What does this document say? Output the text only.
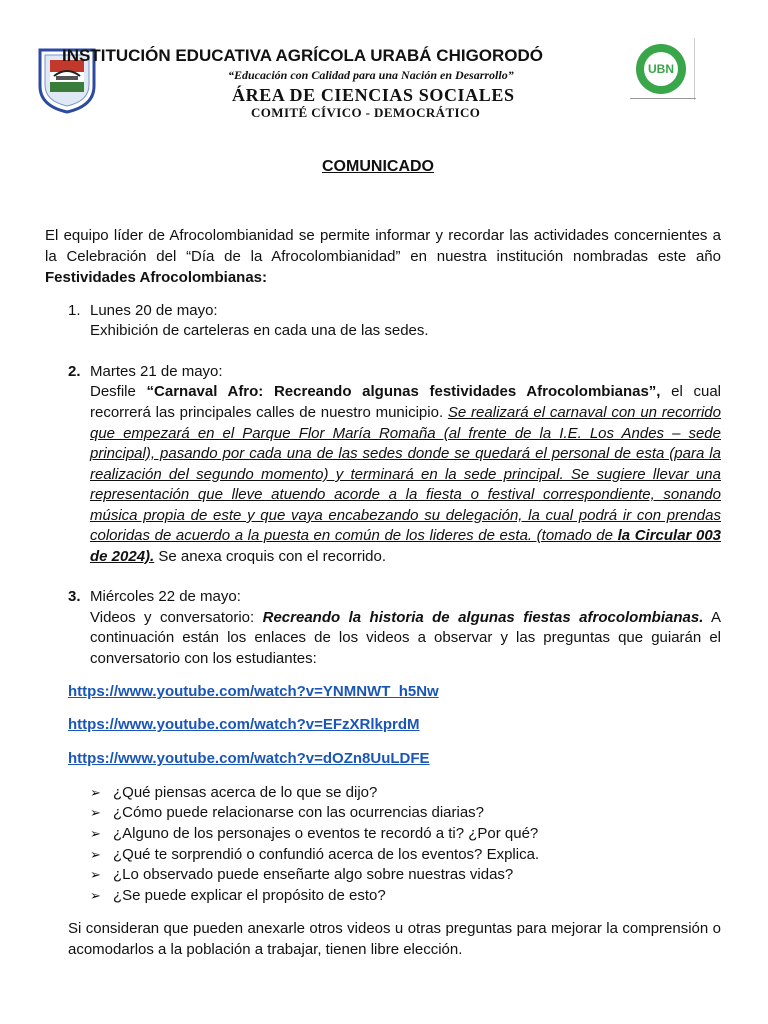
INSTITUCIÓN EDUCATIVA AGRÍCOLA URABÁ CHIGORODÓ
“Educación con Calidad para una Nación en Desarrollo”
ÁREA DE CIENCIAS SOCIALES
COMITÉ CÍVICO - DEMOCRÁTICO
UBN
COMUNICADO
El equipo líder de Afrocolombianidad se permite informar y recordar las actividades concernientes a
la Celebración del “Día de la Afrocolombianidad” en nuestra institución nombradas este año
Festividades Afrocolombianas:
1. Lunes 20 de mayo:
Exhibición de carteleras en cada una de las sedes.
2. Martes 21 de mayo:
Desfile “Carnaval Afro: Recreando algunas festividades Afrocolombianas”, el cual
recorrerá las principales calles de nuestro municipio. Se realizará el carnaval con un recorrido
que empezará en el Parque Flor María Romaña (al frente de la I.E. Los Andes – sede
principal), pasando por cada una de las sedes donde se quedará el personal de esta (para la
realización del segundo momento) y terminará en la sede principal. Se sugiere llevar una
representación que lleve atuendo acorde a la fiesta o festival correspondiente, sonando
música propia de este y que vaya encabezando su delegación, la cual podrá ir con prendas
coloridas de acuerdo a la puesta en común de los lideres de esta. (tomado de la Circular 003
de 2024). Se anexa croquis con el recorrido.
3. Miércoles 22 de mayo:
Videos y conversatorio: Recreando la historia de algunas fiestas afrocolombianas. A
continuación están los enlaces de los videos a observar y las preguntas que guiarán el
conversatorio con los estudiantes:
https://www.youtube.com/watch?v=YNMNWT_h5Nw
https://www.youtube.com/watch?v=EFzXRlkprdM
https://www.youtube.com/watch?v=dOZn8UuLDFE
➢ ¿Qué piensas acerca de lo que se dijo?
➢ ¿Cómo puede relacionarse con las ocurrencias diarias?
➢ ¿Alguno de los personajes o eventos te recordó a ti? ¿Por qué?
➢ ¿Qué te sorprendió o confundió acerca de los eventos? Explica.
➢ ¿Lo observado puede enseñarte algo sobre nuestras vidas?
➢ ¿Se puede explicar el propósito de esto?
Si consideran que pueden anexarle otros videos u otras preguntas para mejorar la comprensión o
acomodarlos a la población a trabajar, tienen libre elección.
